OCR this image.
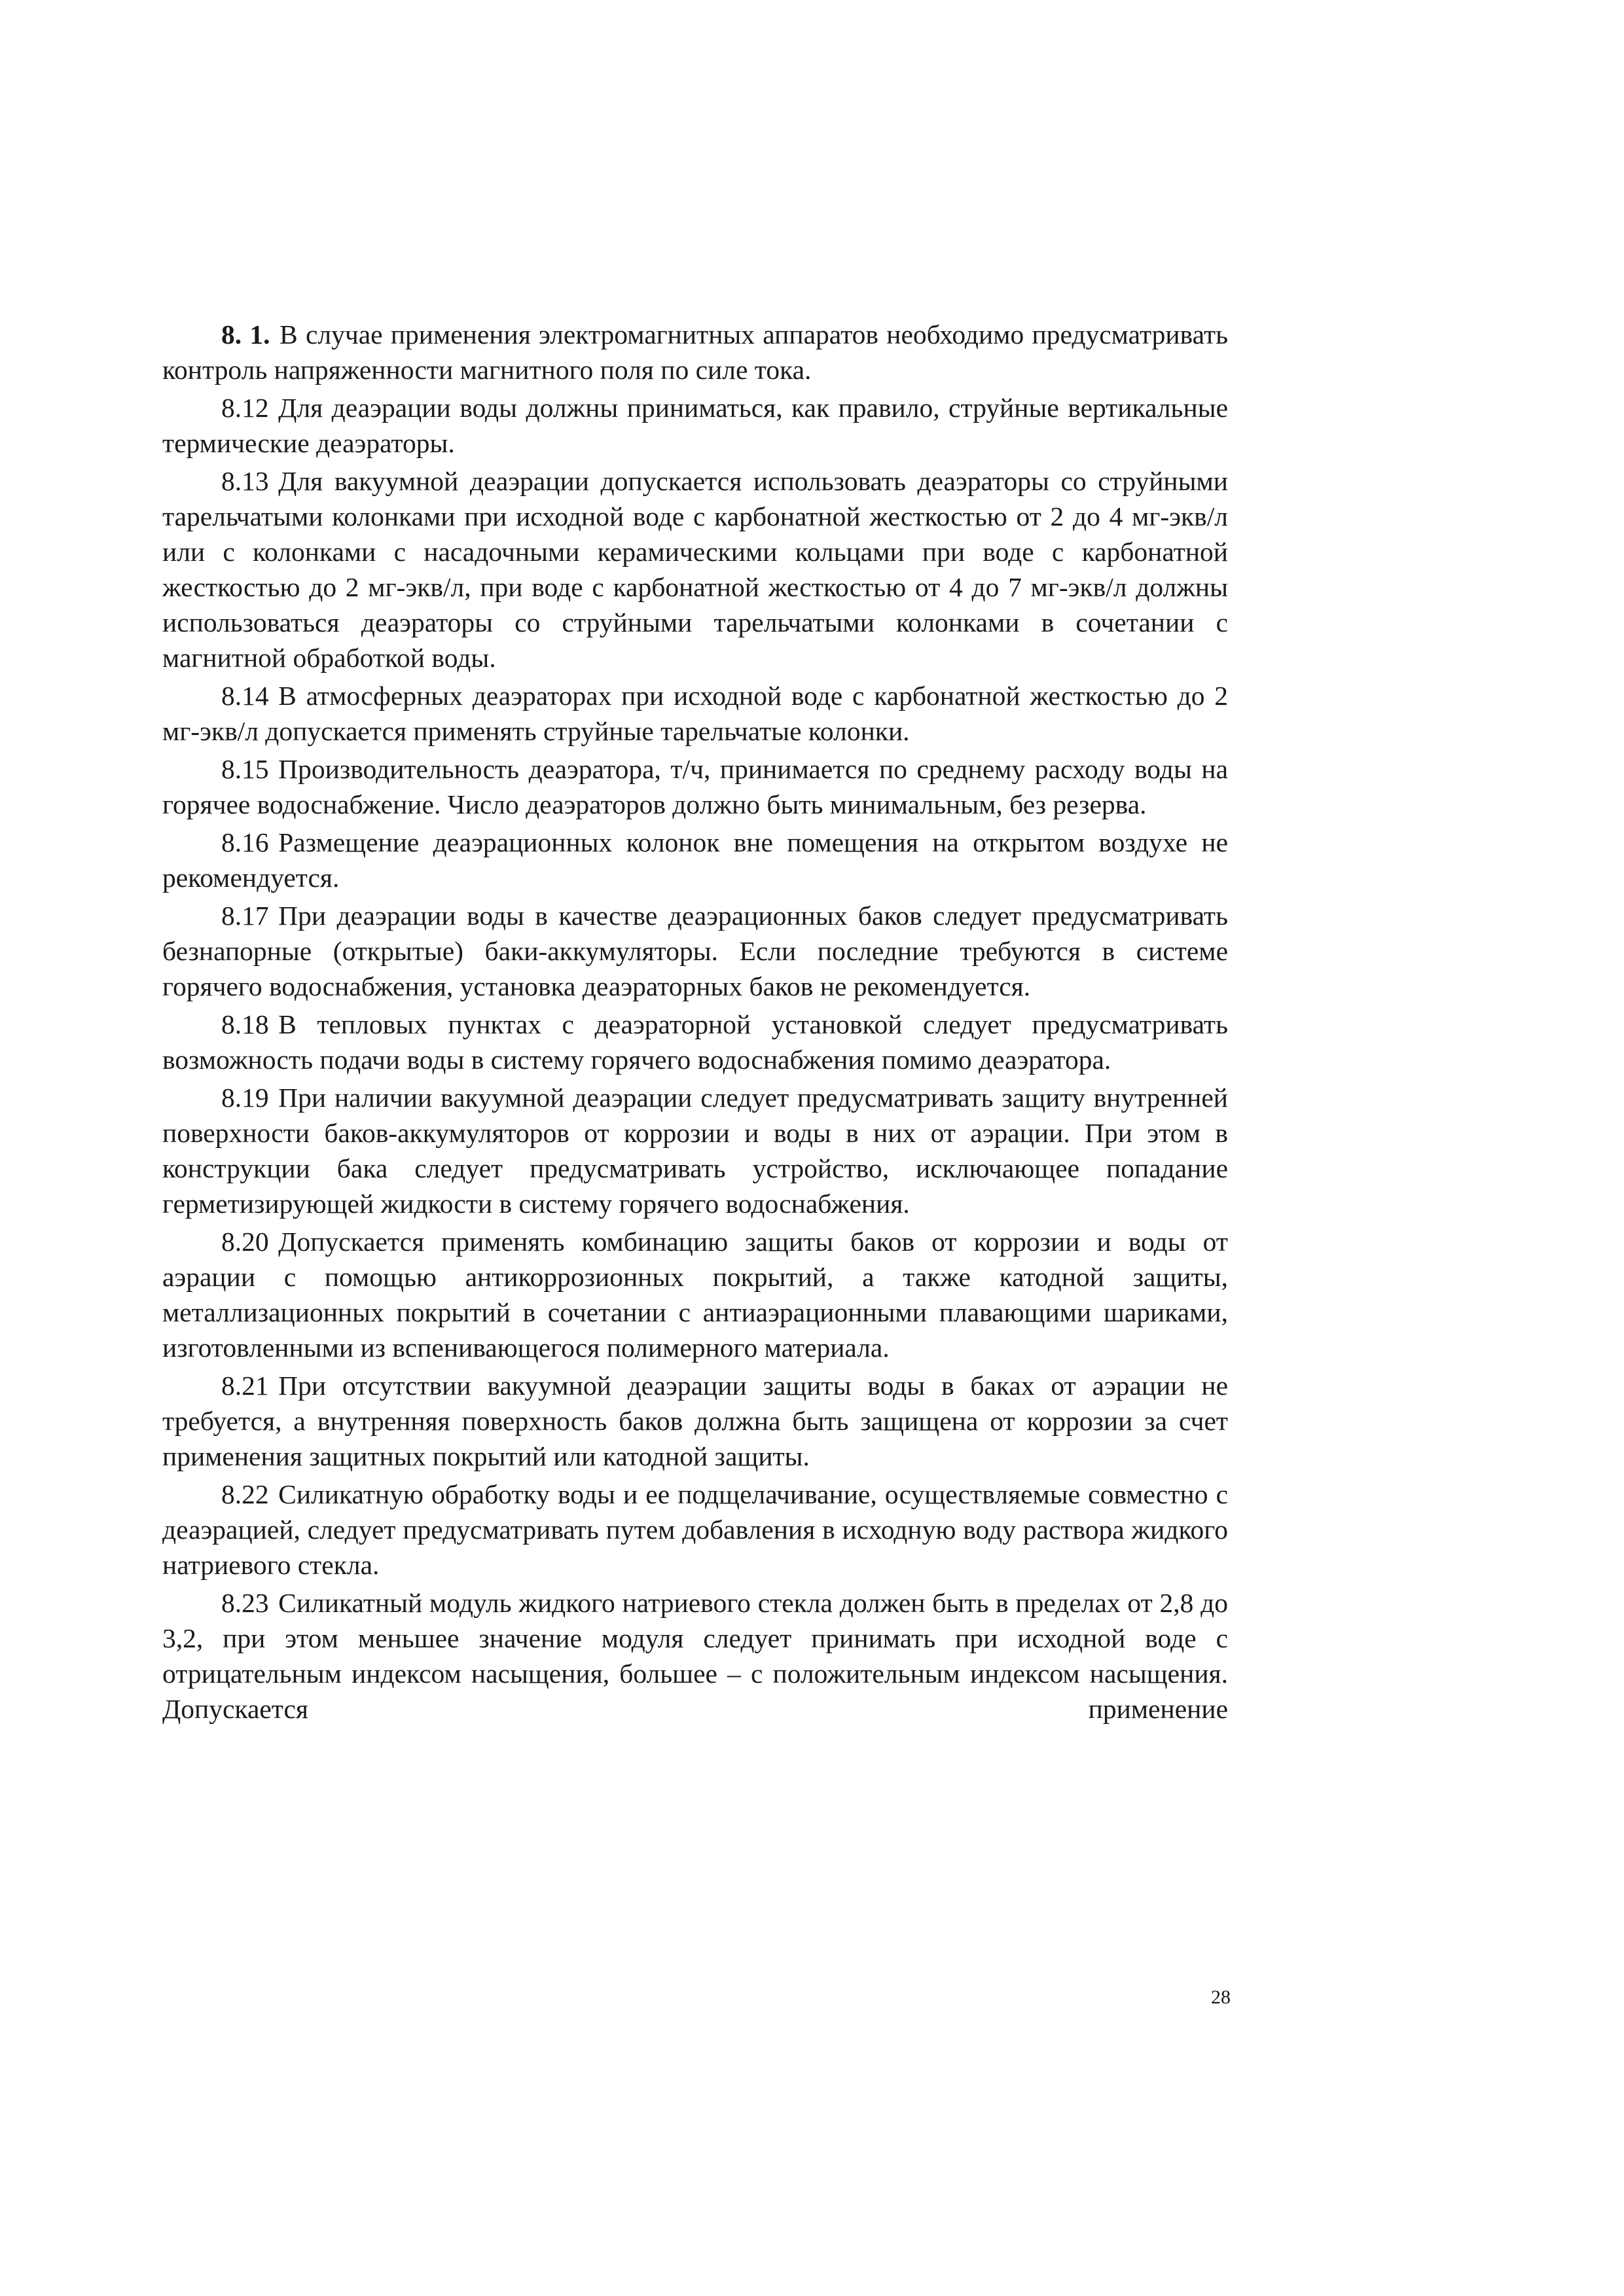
8. 1. В случае применения электромагнитных аппаратов необходимо предусматривать контроль напряженности магнитного поля по силе тока.

8.12 Для деаэрации воды должны приниматься, как правило, струйные вертикальные термические деаэраторы.

8.13 Для вакуумной деаэрации допускается использовать деаэраторы со струйными тарельчатыми колонками при исходной воде с карбонатной жесткостью от 2 до 4 мг-экв/л или с колонками с насадочными керамическими кольцами при воде с карбонатной жесткостью до 2 мг-экв/л, при воде с карбонатной жесткостью от 4 до 7 мг-экв/л должны использоваться деаэраторы со струйными тарельчатыми колонками в сочетании с магнитной обработкой воды.

8.14 В атмосферных деаэраторах при исходной воде с карбонатной жесткостью до 2 мг-экв/л допускается применять струйные тарельчатые колонки.

8.15 Производительность деаэратора, т/ч, принимается по среднему расходу воды на горячее водоснабжение. Число деаэраторов должно быть минимальным, без резерва.

8.16 Размещение деаэрационных колонок вне помещения на открытом воздухе не рекомендуется.

8.17 При деаэрации воды в качестве деаэрационных баков следует предусматривать безнапорные (открытые) баки-аккумуляторы. Если последние требуются в системе горячего водоснабжения, установка деаэраторных баков не рекомендуется.

8.18 В тепловых пунктах с деаэраторной установкой следует предусматривать возможность подачи воды в систему горячего водоснабжения помимо деаэратора.

8.19 При наличии вакуумной деаэрации следует предусматривать защиту внутренней поверхности баков-аккумуляторов от коррозии и воды в них от аэрации. При этом в конструкции бака следует предусматривать устройство, исключающее попадание герметизирующей жидкости в систему горячего водоснабжения.

8.20 Допускается применять комбинацию защиты баков от коррозии и воды от аэрации с помощью антикоррозионных покрытий, а также катодной защиты, металлизационных покрытий в сочетании с антиаэрационными плавающими шариками, изготовленными из вспенивающегося полимерного материала.

8.21 При отсутствии вакуумной деаэрации защиты воды в баках от аэрации не требуется, а внутренняя поверхность баков должна быть защищена от коррозии за счет применения защитных покрытий или катодной защиты.

8.22 Силикатную обработку воды и ее подщелачивание, осуществляемые совместно с деаэрацией, следует предусматривать путем добавления в исходную воду раствора жидкого натриевого стекла.

8.23 Силикатный модуль жидкого натриевого стекла должен быть в пределах от 2,8 до 3,2, при этом меньшее значение модуля следует принимать при исходной воде с отрицательным индексом насыщения, большее – с положительным индексом насыщения. Допускается применение

28
